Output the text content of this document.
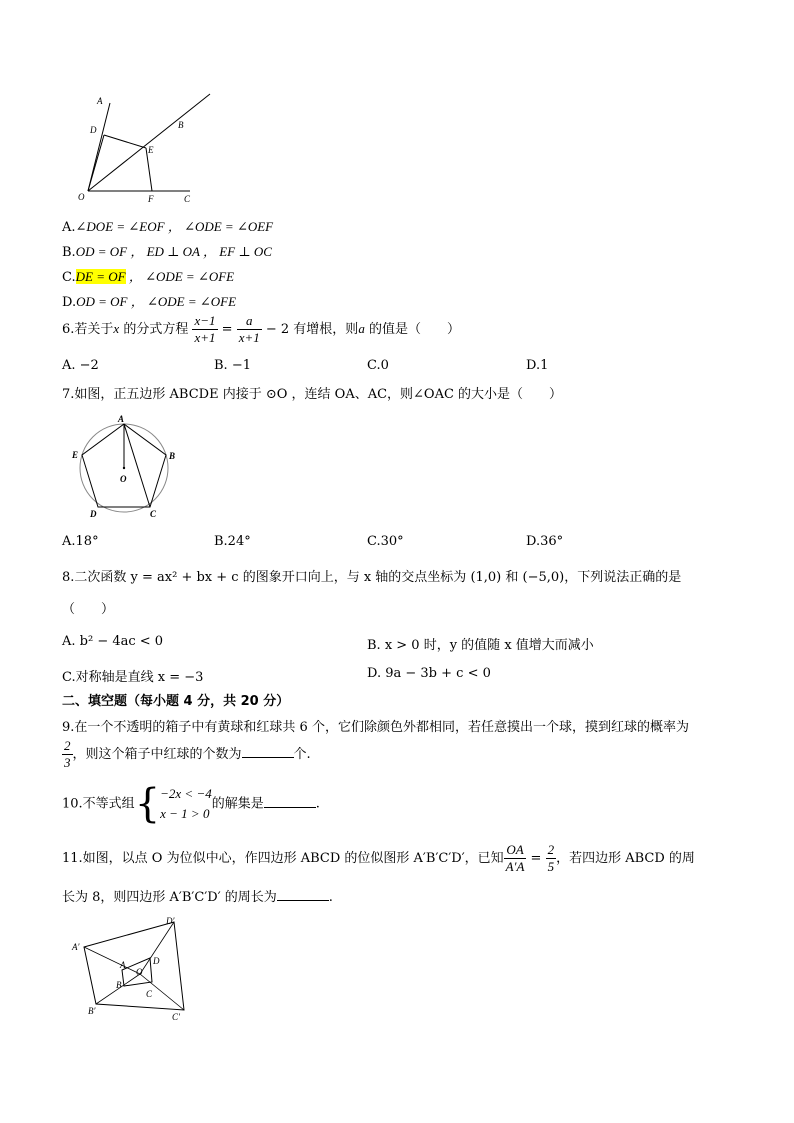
A
D	B
E
O	F	C
A.∠DOE = ∠EOF ， ∠ODE = ∠OEF
B.OD = OF ， ED ⊥ OA ， EF ⊥ OC
C.DE = OF ， ∠ODE = ∠OFE
D.OD = OF ， ∠ODE = ∠OFE
6.若关于x 的分式方程 $\frac{x-1}{x+1} = \frac{a}{x+1} - 2$ 有增根，则a 的值是（　　）
A. −2	B. −1	C.0	D.1
7.如图，正五边形 ABCDE 内接于 ⊙O ，连结 OA、AC，则∠OAC 的大小是（　　）
A
B
C
D
E
O
A.18°	B.24°	C.30°	D.36°
8.二次函数 y = ax² + bx + c 的图象开口向上，与 x 轴的交点坐标为 (1,0) 和 (−5,0)，下列说法正确的是
（　　）
A. b² − 4ac < 0	B. x > 0 时，y 的值随 x 值增大而减小
C.对称轴是直线 x = −3	D. 9a − 3b + c < 0
二、填空题（每小题 4 分，共 20 分）
9.在一个不透明的箱子中有黄球和红球共 6 个，它们除颜色外都相同，若任意摸出一个球，摸到红球的概率为
$\frac{2}{3}$ ，则这个箱子中红球的个数为	个.
10.不等式组{ −2x < −4
x − 1 > 0
的解集是	.
11.如图，以点 O 为位似中心，作四边形 ABCD 的位似图形 A′B′C′D′，已知 $\frac{OA}{A'A} = \frac{2}{5}$ ，若四边形 ABCD 的周
长为 8，则四边形 A′B′C′D′ 的周长为	.
A′
D′
C′
B′
A	D
C
B
O
